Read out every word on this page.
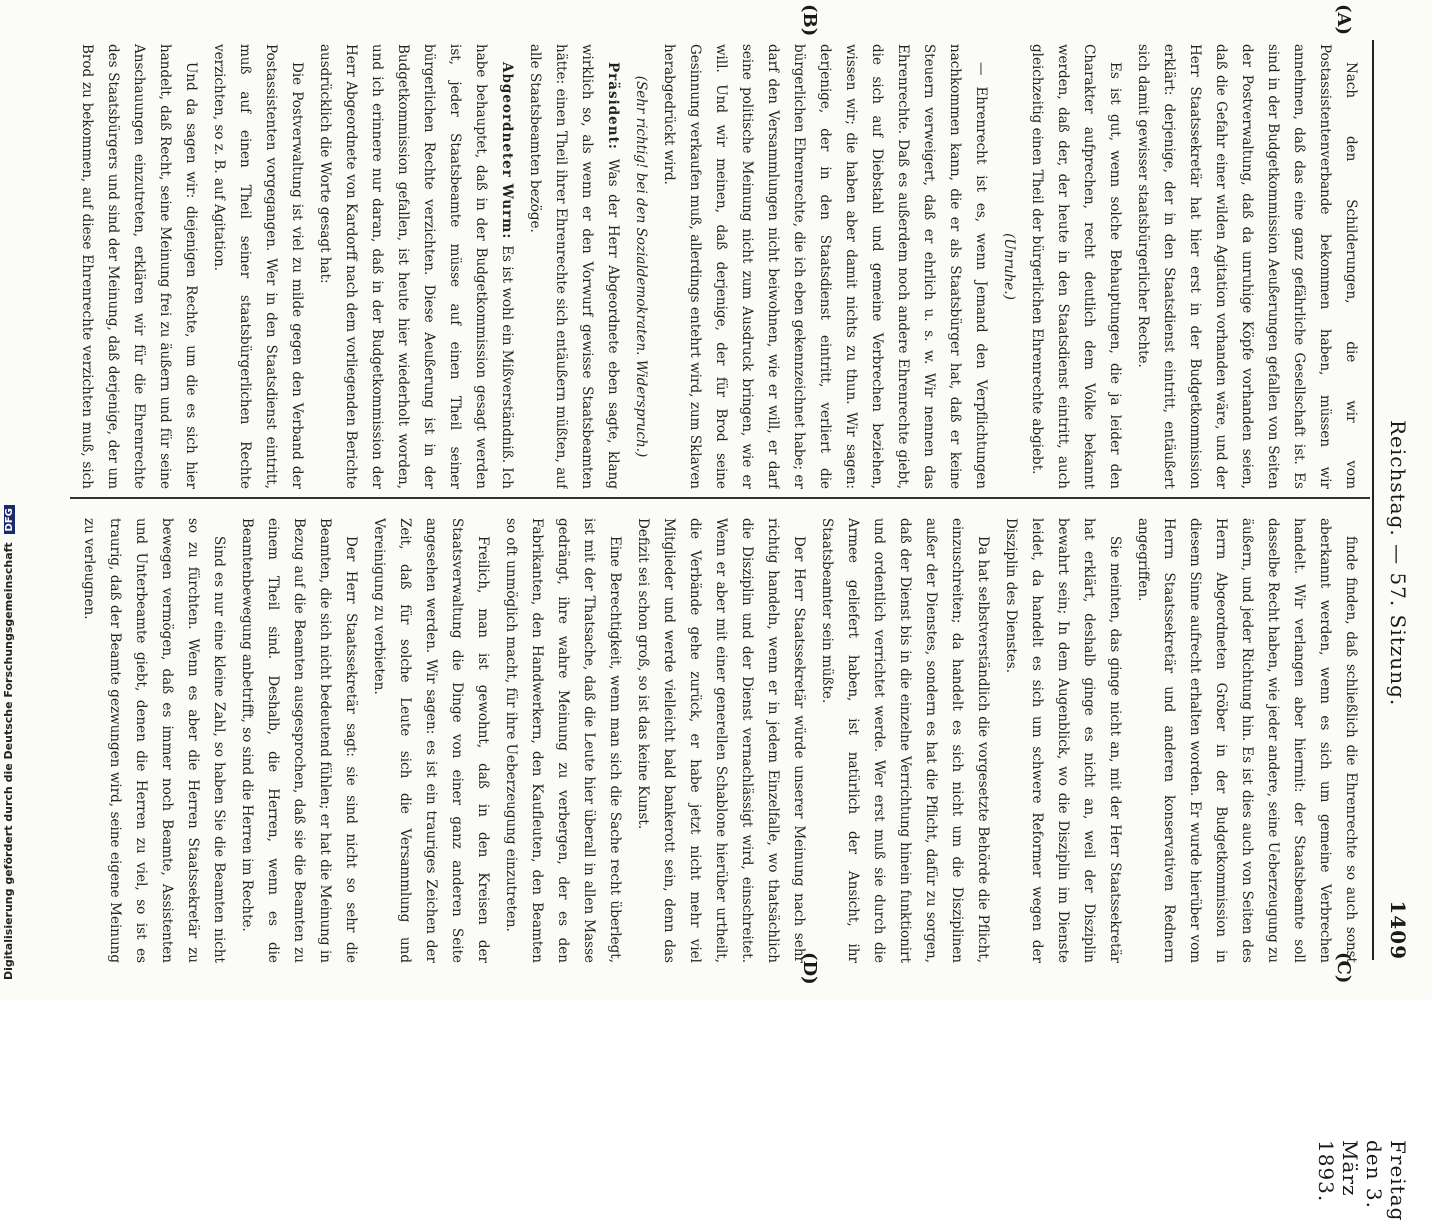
Reichstag. — 57. Sitzung.
Freitag den 3. März 1893.
1409
(A)
(B)
(C)
(D)

Nach den Schilderungen, die wir vom Postassistentenverbande bekommen haben, müssen wir annehmen, daß das eine ganz gefährliche Gesellschaft ist. Es sind in der Budgetkommission Aeußerungen gefallen von Seiten der Postverwaltung, daß da unruhige Köpfe vorhanden seien, daß die Gefahr einer wilden Agitation vorhanden wäre, und der Herr Staatssekretär hat hier erst in der Budgetkommission erklärt: derjenige, der in den Staatsdienst eintritt, entäußert sich damit gewisser staatsbürgerlicher Rechte.

Es ist gut, wenn solche Behauptungen, die ja leider den Charakter aufprechen, recht deutlich dem Volke bekannt werden, daß der, der heute in den Staatsdienst eintritt, auch gleichzeitig einen Theil der bürgerlichen Ehrenrechte abgiebt.

(Unruhe.)

— Ehrenrecht ist es, wenn Jemand den Verpflichtungen nachkommen kann, die er als Staatsbürger hat, daß er keine Steuern verweigert, daß er ehrlich u. s. w. Wir nennen das Ehrenrechte. Daß es außerdem noch andere Ehrenrechte giebt, die sich auf Diebstahl und gemeine Verbrechen beziehen, wissen wir; die haben aber damit nichts zu thun. Wir sagen: derjenige, der in den Staatsdienst eintritt, verliert die bürgerlichen Ehrenrechte, die ich eben gekennzeichnet habe; er darf den Versammlungen nicht beiwohnen, wie er will, er darf seine politische Meinung nicht zum Ausdruck bringen, wie er will. Und wir meinen, daß derjenige, der für Brod seine Gesinnung verkaufen muß, allerdings entehrt wird, zum Sklaven herabgedrückt wird.

(Sehr richtig! bei den Sozialdemokraten. Widerspruch.)

Präsident: Was der Herr Abgeordnete eben sagte, klang wirklich so, als wenn er den Vorwurf gewisse Staatsbeamten hätte: einen Theil ihrer Ehrenrechte sich entäußern müßten, auf alle Staatsbeamten bezöge.

Abgeordneter Wurm: Es ist wohl ein Mißverständniß. Ich habe behauptet, daß in der Budgetkommission gesagt werden ist, jeder Staatsbeamte müsse auf einen Theil seiner bürgerlichen Rechte verzichten. Diese Aeußerung ist in der Budgetkommission gefallen, ist heute hier wiederholt worden, und ich erinnere nur daran, daß in der Budgetkommission der Herr Abgeordnete von Kardorff nach dem vorliegenden Berichte ausdrücklich die Worte gesagt hat:

Die Postverwaltung ist viel zu milde gegen den Verband der Postassistenten vorgegangen. Wer in den Staatsdienst eintritt, muß auf einen Theil seiner staatsbürgerlichen Rechte verzichten, so z. B. auf Agitation.

Und da sagen wir: diejenigen Rechte, um die es sich hier handelt, daß Recht, seine Meinung frei zu äußern und für seine Anschauungen einzutreten, erklären wir für die Ehrenrechte des Staatsbürgers und sind der Meinung, daß derjenige, der um Brod zu bekommen, auf diese Ehrenrechte verzichten muß, sich

finde finden, daß schließlich die Ehrenrechte so auch sonst aberkannt werden, wenn es sich um gemeine Verbrechen handelt. Wir verlangen aber hiermit: der Staatsbeamte soll dasselbe Recht haben, wie jeder andere, seine Ueberzeugung zu äußern, und jeder Richtung hin. Es ist dies auch von Seiten des Herrn Abgeordneten Gröber in der Budgetkommission in diesem Sinne aufrecht erhalten worden. Er wurde hierüber vom Herrn Staatssekretär und anderen konservativen Rednern angegriffen.

Sie meinten, das ginge nicht an, mit der Herr Staatssekretär hat erklärt, deshalb ginge es nicht an, weil der Disziplin bewahrt sein; In dem Augenblick, wo die Disziplin im Dienste leidet, da handelt es sich um schwere Reformer wegen der Disziplin des Dienstes.

Da hat selbstverständlich die vorgesetzte Behörde die Pflicht, einzuschreiten; da handelt es sich nicht um die Disziplinen außer der Dienstes, sondern es hat die Pflicht, dafür zu sorgen, daß der Dienst bis in die einzelne Verrichtung hinein funktionirt und ordentlich verrichtet werde. Wer erst muß sie durch die Armee geliefert haben, ist natürlich der Ansicht, ihr Staatsbeamter sein müßte.

Der Herr Staatssekretär würde unserer Meinung nach sehr richtig handeln, wenn er in jedem Einzelfalle, wo thatsächlich die Disziplin und der Dienst vernachlässigt wird, einschreitet. Wenn er aber mit einer generellen Schablone hierüber urtheilt, die Verbände gehe zurück, er habe jetzt nicht mehr viel Mitglieder und werde vielleicht bald bankerott sein, denn das Defizit sei schon groß, so ist das keine Kunst.

Eine Berechtigkeit, wenn man sich die Sache recht überlegt, ist mit der Thatsache, daß die Leute hier überall in allen Masse gedrängt, ihre wahre Meinung zu verbergen, der es den Fabrikanten, den Handwerkern, den Kaufleuten, den Beamten so oft unmöglich macht, für ihre Ueberzeugung einzutreten.

Freilich, man ist gewohnt, daß in den Kreisen der Staatsverwaltung die Dinge von einer ganz anderen Seite angesehen werden. Wir sagen: es ist ein trauriges Zeichen der Zeit, daß für solche Leute sich die Versammlung und Vereinigung zu verbieten.

Der Herr Staatssekretär sagt: sie sind nicht so sehr die Beamten, die sich nicht bedeutend fühlen; er hat die Meinung in Bezug auf die Beamten ausgesprochen, daß sie die Beamten zu einem Theil sind. Deshalb, die Herren, wenn es die Beamtenbewegung anbetrifft, so sind die Herren im Rechte.

Sind es nur eine kleine Zahl, so haben Sie die Beamten nicht so zu fürchten. Wenn es aber die Herren Staatssekretär zu bewegen vermögen, daß es immer noch Beamte, Assistenten und Unterbeamte giebt, denen die Herren zu viel, so ist es traurig, daß der Beamte gezwungen wird, seine eigene Meinung zu verleugnen.

Digitalisierung gefördert durch die Deutsche Forschungsgemeinschaft DFG
